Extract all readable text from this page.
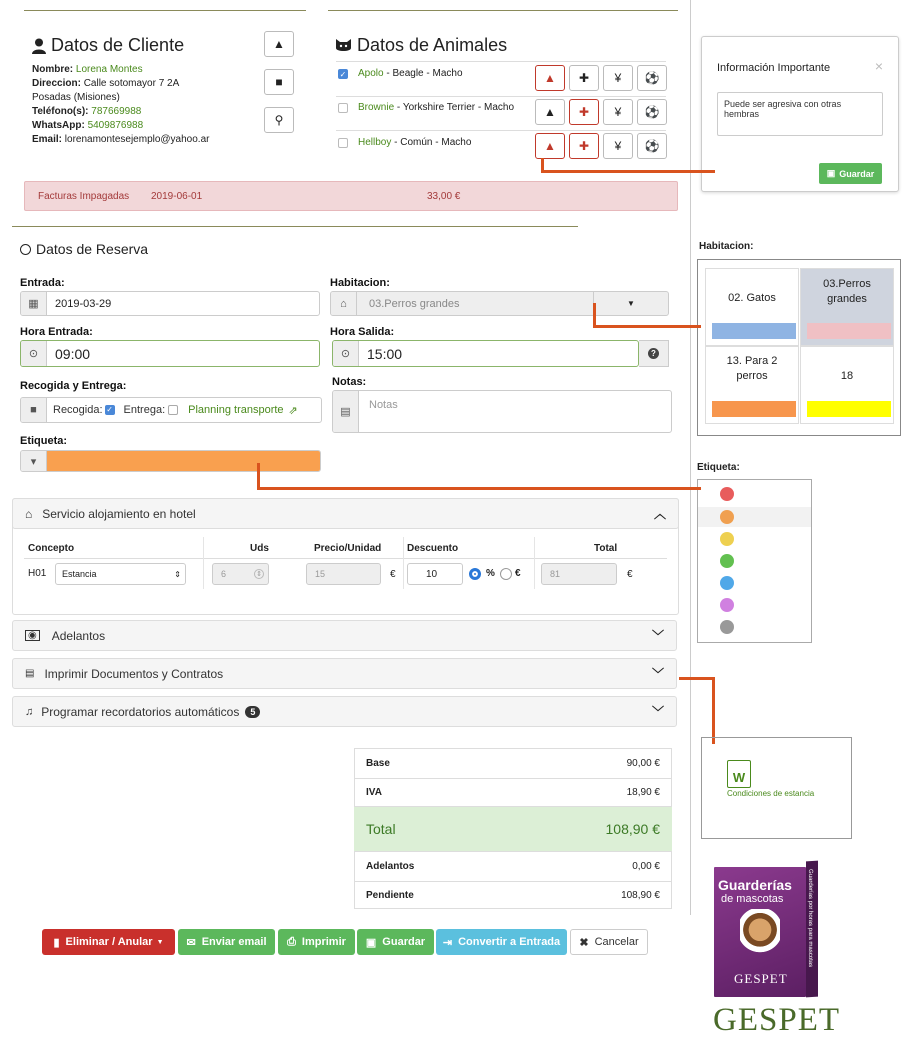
Datos de Cliente
Nombre: Lorena Montes
Direccion: Calle sotomayor 7 2A
Posadas (Misiones)
Teléfono(s): 787669988
WhatsApp: 5409876988
Email: lorenamontesejemplo@yahoo.ar
▲
■
⚲
Datos de Animales
✓ Apolo - Beagle - Macho
Brownie - Yorkshire Terrier - Macho
Hellboy - Común - Macho
▲ ✚ ¥ ⚽
▲ ✚ ¥ ⚽
▲ ✚ ¥ ⚽
Facturas Impagadas 2019-06-01	33,00 €
Información Importante	×
Puede ser agresiva con otras hembras
▣ Guardar
Datos de Reserva
Entrada:
▦	2019-03-29
Habitacion:
⌂	03.Perros grandes	▼
Hora Entrada:
⊙	09:00
Hora Salida:
⊙	15:00	?
Recogida y Entrega:
■	Recogida: ✓ Entrega: Planning transporte ⇗
Notas:
▤
Notas
Etiqueta:
▾
Habitacion:
02. Gatos
03.Perros grandes
13. Para 2 perros	18
Etiqueta:
⌂ Servicio alojamiento en hotel	︿
Concepto	Uds	Precio/Unidad	Descuento	Total
H01 Estancia	⇕	6	⇕	15	€	10	% €	81	€
◉ Adelantos	﹀
▤ Imprimir Documentos y Contratos	﹀
♫ Programar recordatorios automáticos	5	﹀
W
Condiciones de estancia
Base	90,00 €
IVA	18,90 €
Total	108,90 €
Adelantos	0,00 €
Pendiente	108,90 €
▮ Eliminar / Anular ▼ ✉ Enviar email ⎙ Imprimir ▣ Guardar ⇥ Convertir a Entrada ✖ Cancelar
Guarderías
de mascotas
GESPET
Guarderías por horas para mascotas
GESPET
